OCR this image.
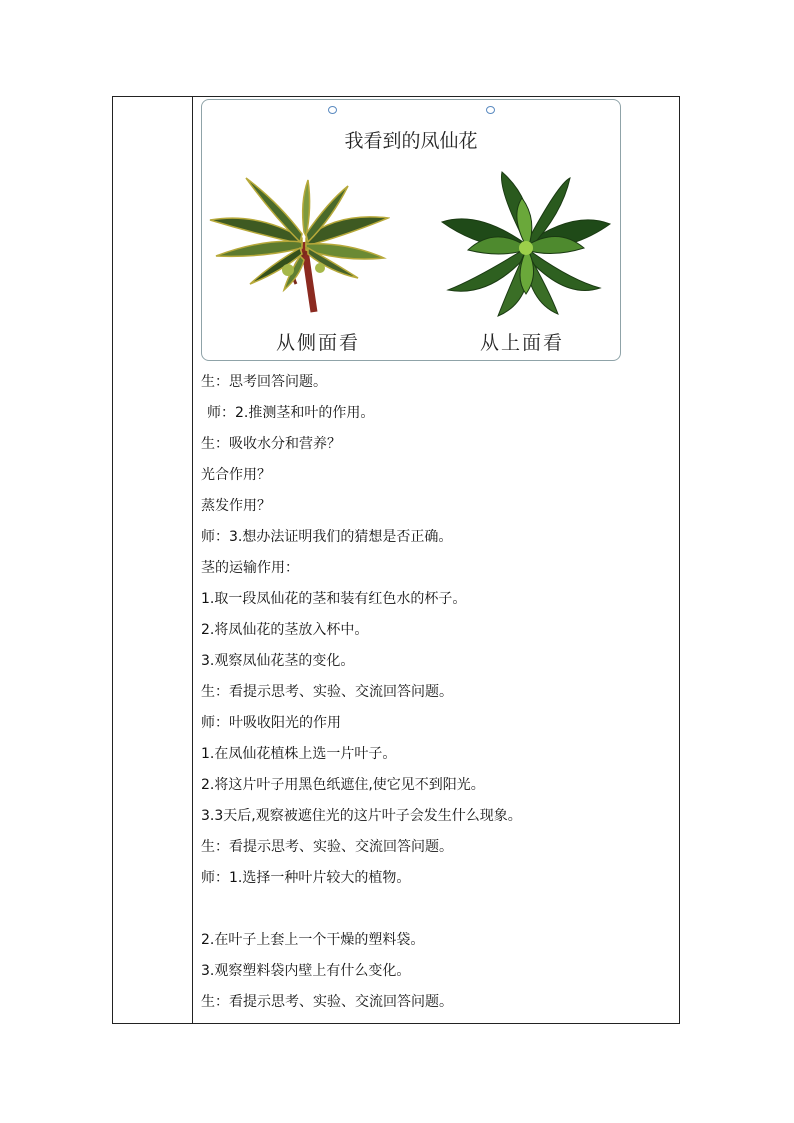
我看到的凤仙花
从侧面看	从上面看
生：思考回答问题。
师：2.推测茎和叶的作用。
生：吸收水分和营养？
光合作用？
蒸发作用？
师：3.想办法证明我们的猜想是否正确。
茎的运输作用：
1.取一段凤仙花的茎和装有红色水的杯子。
2.将凤仙花的茎放入杯中。
3.观察凤仙花茎的变化。
生：看提示思考、实验、交流回答问题。
师：叶吸收阳光的作用
1.在凤仙花植株上选一片叶子。
2.将这片叶子用黑色纸遮住,使它见不到阳光。
3.3天后,观察被遮住光的这片叶子会发生什么现象。
生：看提示思考、实验、交流回答问题。
师：1.选择一种叶片较大的植物。
2.在叶子上套上一个干燥的塑料袋。
3.观察塑料袋内壁上有什么变化。
生：看提示思考、实验、交流回答问题。
